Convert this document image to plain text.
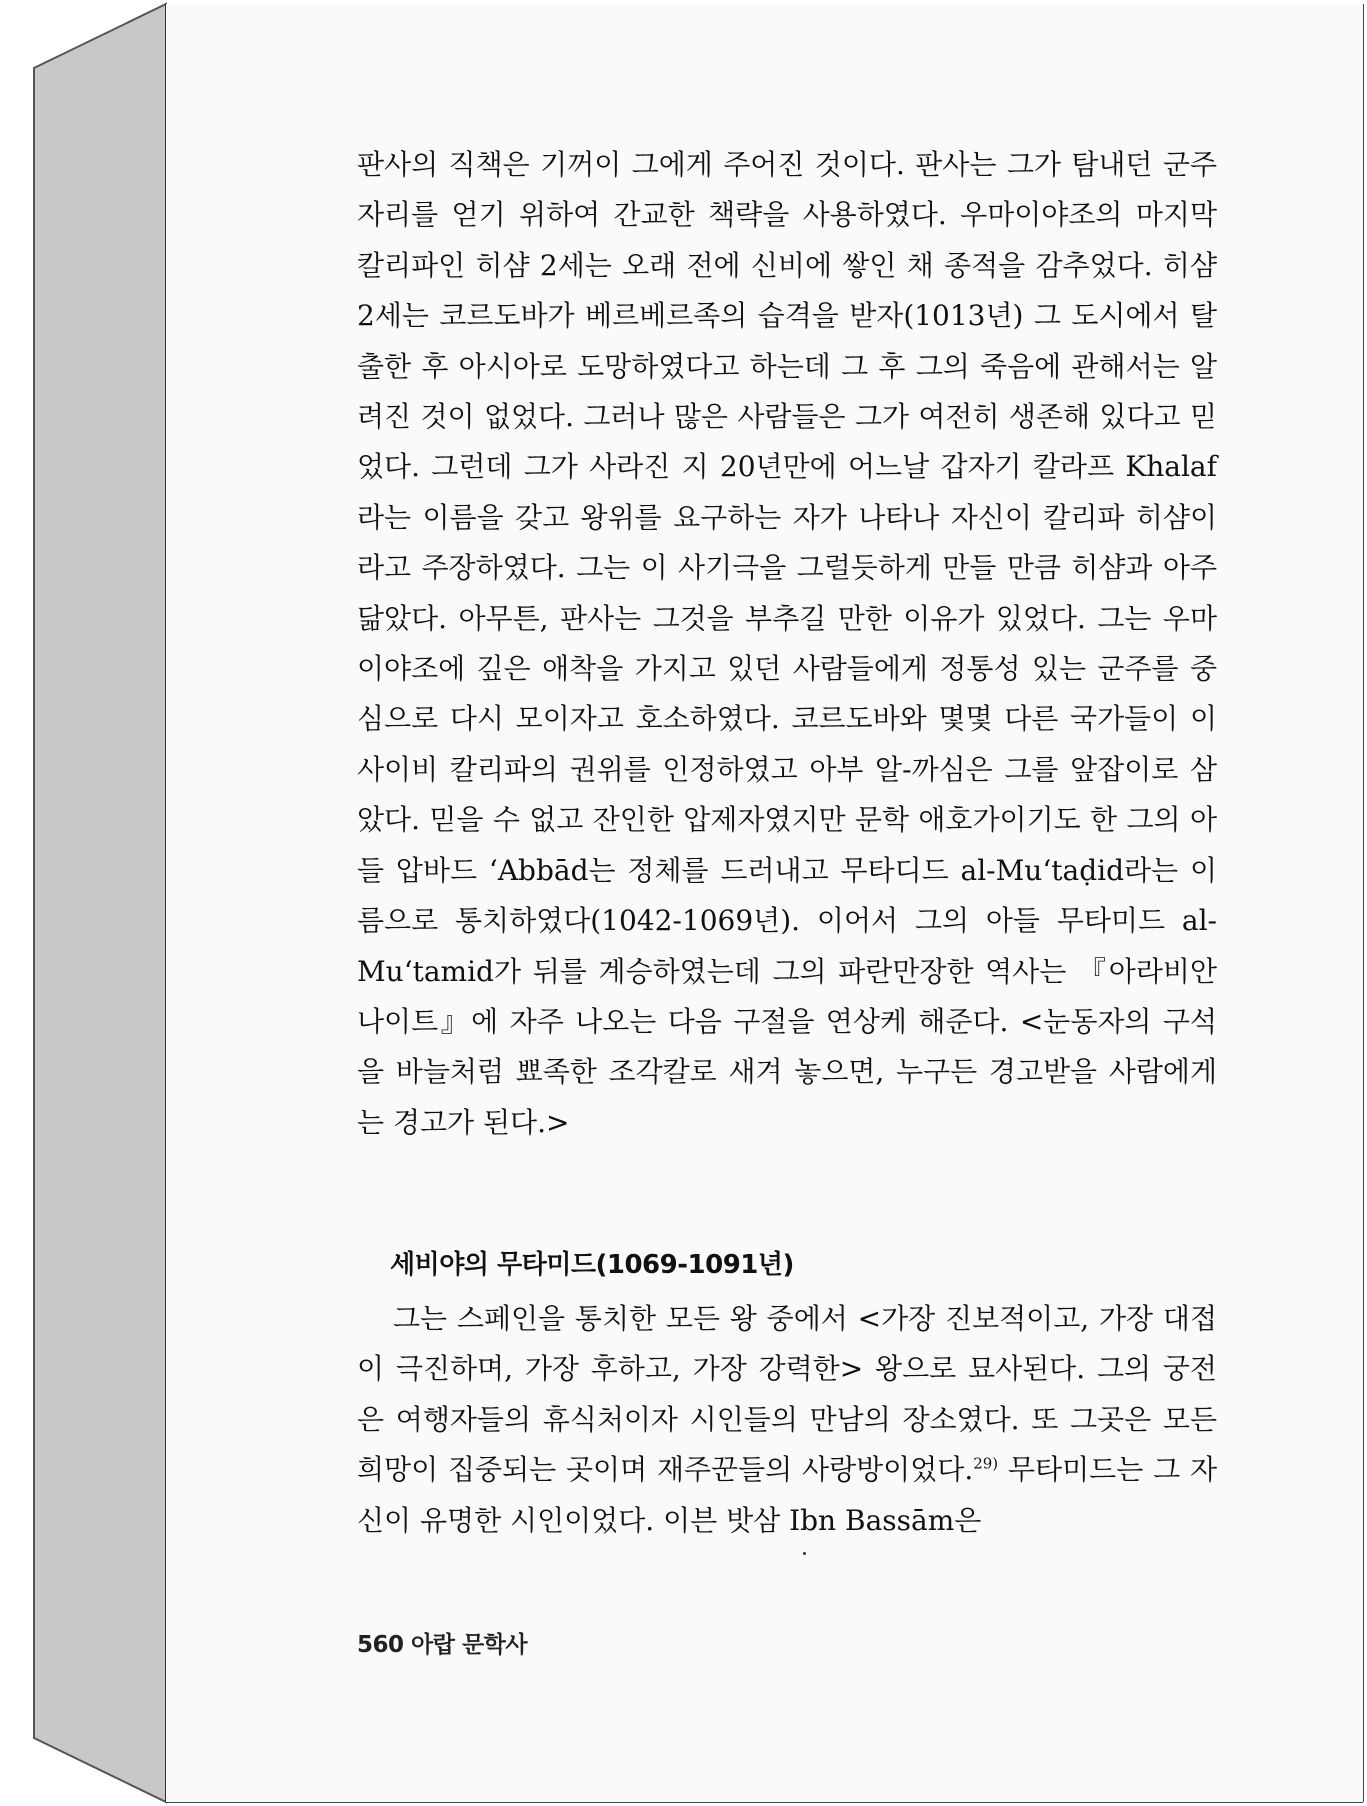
판사의 직책은 기꺼이 그에게 주어진 것이다. 판사는 그가 탐내던 군주 자리를 얻기 위하여 간교한 책략을 사용하였다. 우마이야조의 마지막 칼리파인 히샴 2세는 오래 전에 신비에 쌓인 채 종적을 감추었다. 히샴 2세는 코르도바가 베르베르족의 습격을 받자(1013년) 그 도시에서 탈출한 후 아시아로 도망하였다고 하는데 그 후 그의 죽음에 관해서는 알려진 것이 없었다. 그러나 많은 사람들은 그가 여전히 생존해 있다고 믿었다. 그런데 그가 사라진 지 20년만에 어느날 갑자기 칼라프 Khalaf라는 이름을 갖고 왕위를 요구하는 자가 나타나 자신이 칼리파 히샴이라고 주장하였다. 그는 이 사기극을 그럴듯하게 만들 만큼 히샴과 아주 닮았다. 아무튼, 판사는 그것을 부추길 만한 이유가 있었다. 그는 우마이야조에 깊은 애착을 가지고 있던 사람들에게 정통성 있는 군주를 중심으로 다시 모이자고 호소하였다. 코르도바와 몇몇 다른 국가들이 이 사이비 칼리파의 권위를 인정하였고 아부 알-까심은 그를 앞잡이로 삼았다. 믿을 수 없고 잔인한 압제자였지만 문학 애호가이기도 한 그의 아들 압바드 ‘Abbād는 정체를 드러내고 무타디드 al-Mu‘taḍid라는 이름으로 통치하였다(1042-1069년). 이어서 그의 아들 무타미드 al-Mu‘tamid가 뒤를 계승하였는데 그의 파란만장한 역사는 『아라비안 나이트』에 자주 나오는 다음 구절을 연상케 해준다. <눈동자의 구석을 바늘처럼 뾰족한 조각칼로 새겨 놓으면, 누구든 경고받을 사람에게는 경고가 된다.>

세비야의 무타미드(1069-1091년)

그는 스페인을 통치한 모든 왕 중에서 <가장 진보적이고, 가장 대접이 극진하며, 가장 후하고, 가장 강력한> 왕으로 묘사된다. 그의 궁전은 여행자들의 휴식처이자 시인들의 만남의 장소였다. 또 그곳은 모든 희망이 집중되는 곳이며 재주꾼들의 사랑방이었다.$^{29)}$ 무타미드는 그 자신이 유명한 시인이었다. 이븐 밧삼 Ibn Bassām은

560 아랍 문학사
